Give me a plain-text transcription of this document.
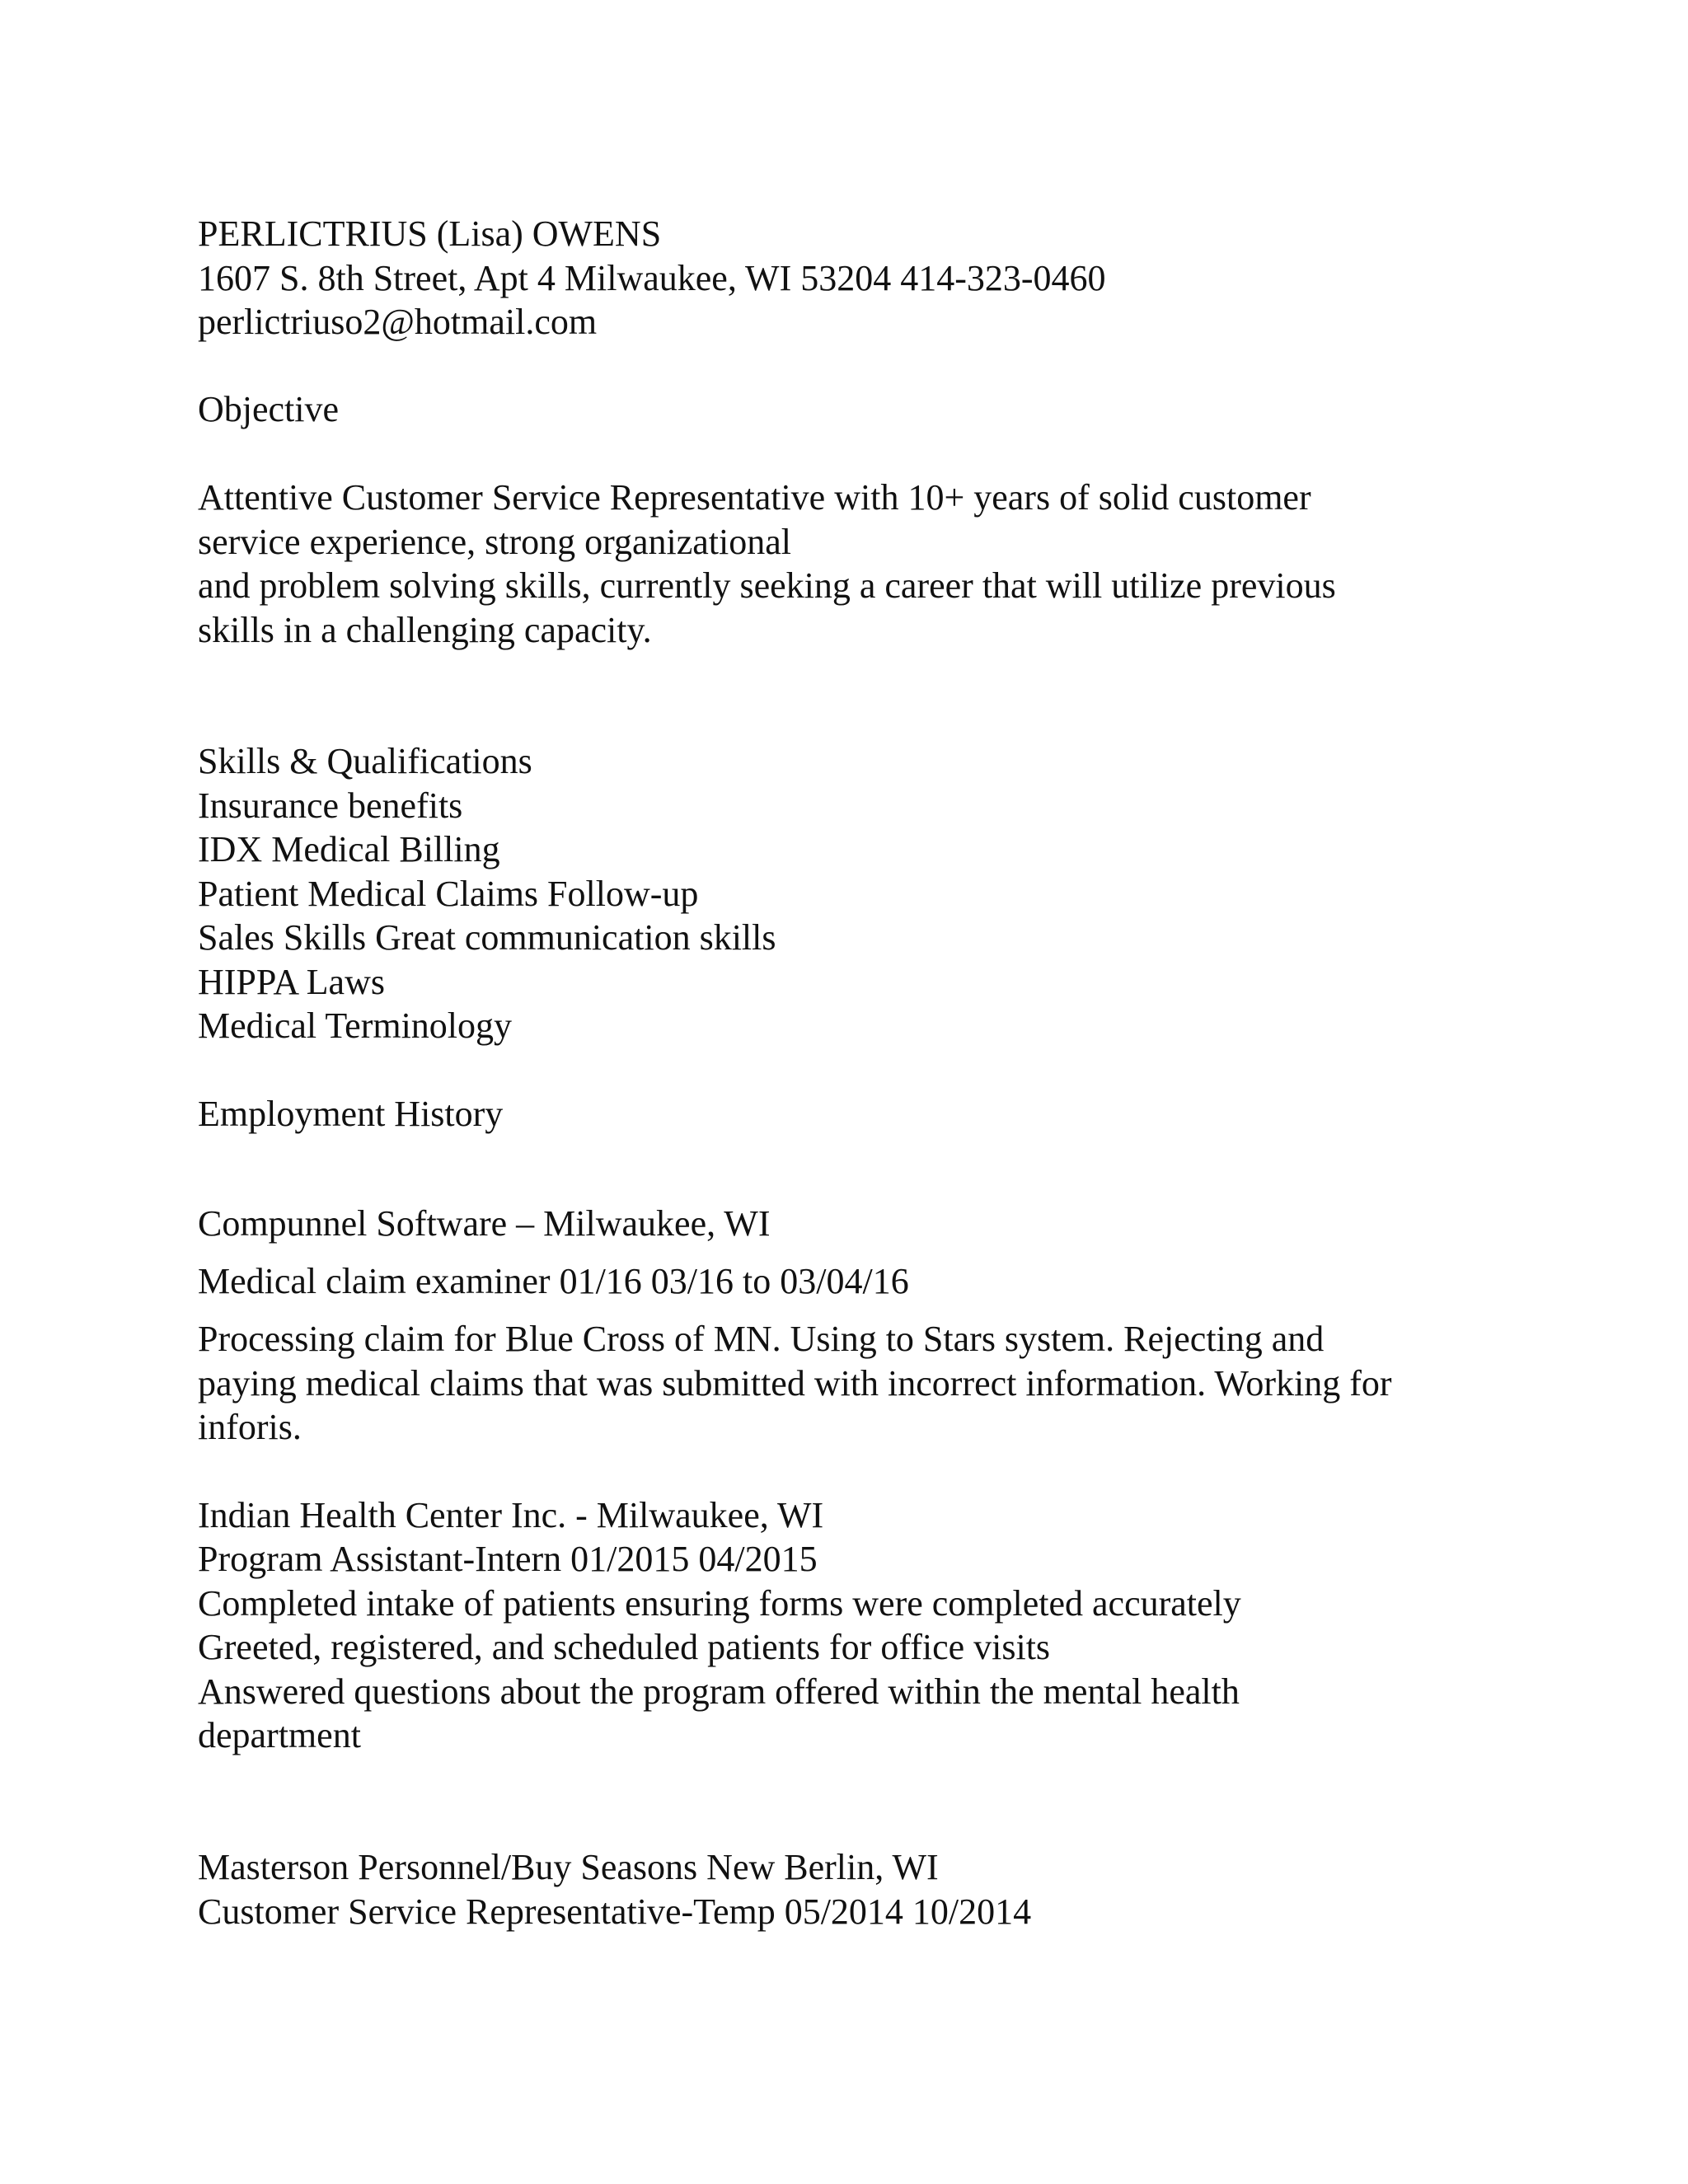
PERLICTRIUS (Lisa) OWENS

1607 S. 8th Street, Apt 4 Milwaukee, WI 53204 414-323-0460

perlictriuso2@hotmail.com

Objective

Attentive Customer Service Representative with 10+ years of solid customer

service experience, strong organizational

and problem solving skills, currently seeking a career that will utilize previous

skills in a challenging capacity.

Skills & Qualifications

Insurance benefits

IDX Medical Billing

Patient Medical Claims Follow-up

Sales Skills Great communication skills

HIPPA Laws

Medical Terminology

Employment History

Compunnel Software – Milwaukee, WI

Medical claim examiner 01/16 03/16 to 03/04/16

Processing claim for Blue Cross of MN. Using to Stars system. Rejecting and

paying medical claims that was submitted with incorrect information. Working for

inforis.

Indian Health Center Inc. - Milwaukee, WI

Program Assistant-Intern 01/2015 04/2015

Completed intake of patients ensuring forms were completed accurately

Greeted, registered, and scheduled patients for office visits

Answered questions about the program offered within the mental health

department

Masterson Personnel/Buy Seasons New Berlin, WI

Customer Service Representative-Temp 05/2014 10/2014
